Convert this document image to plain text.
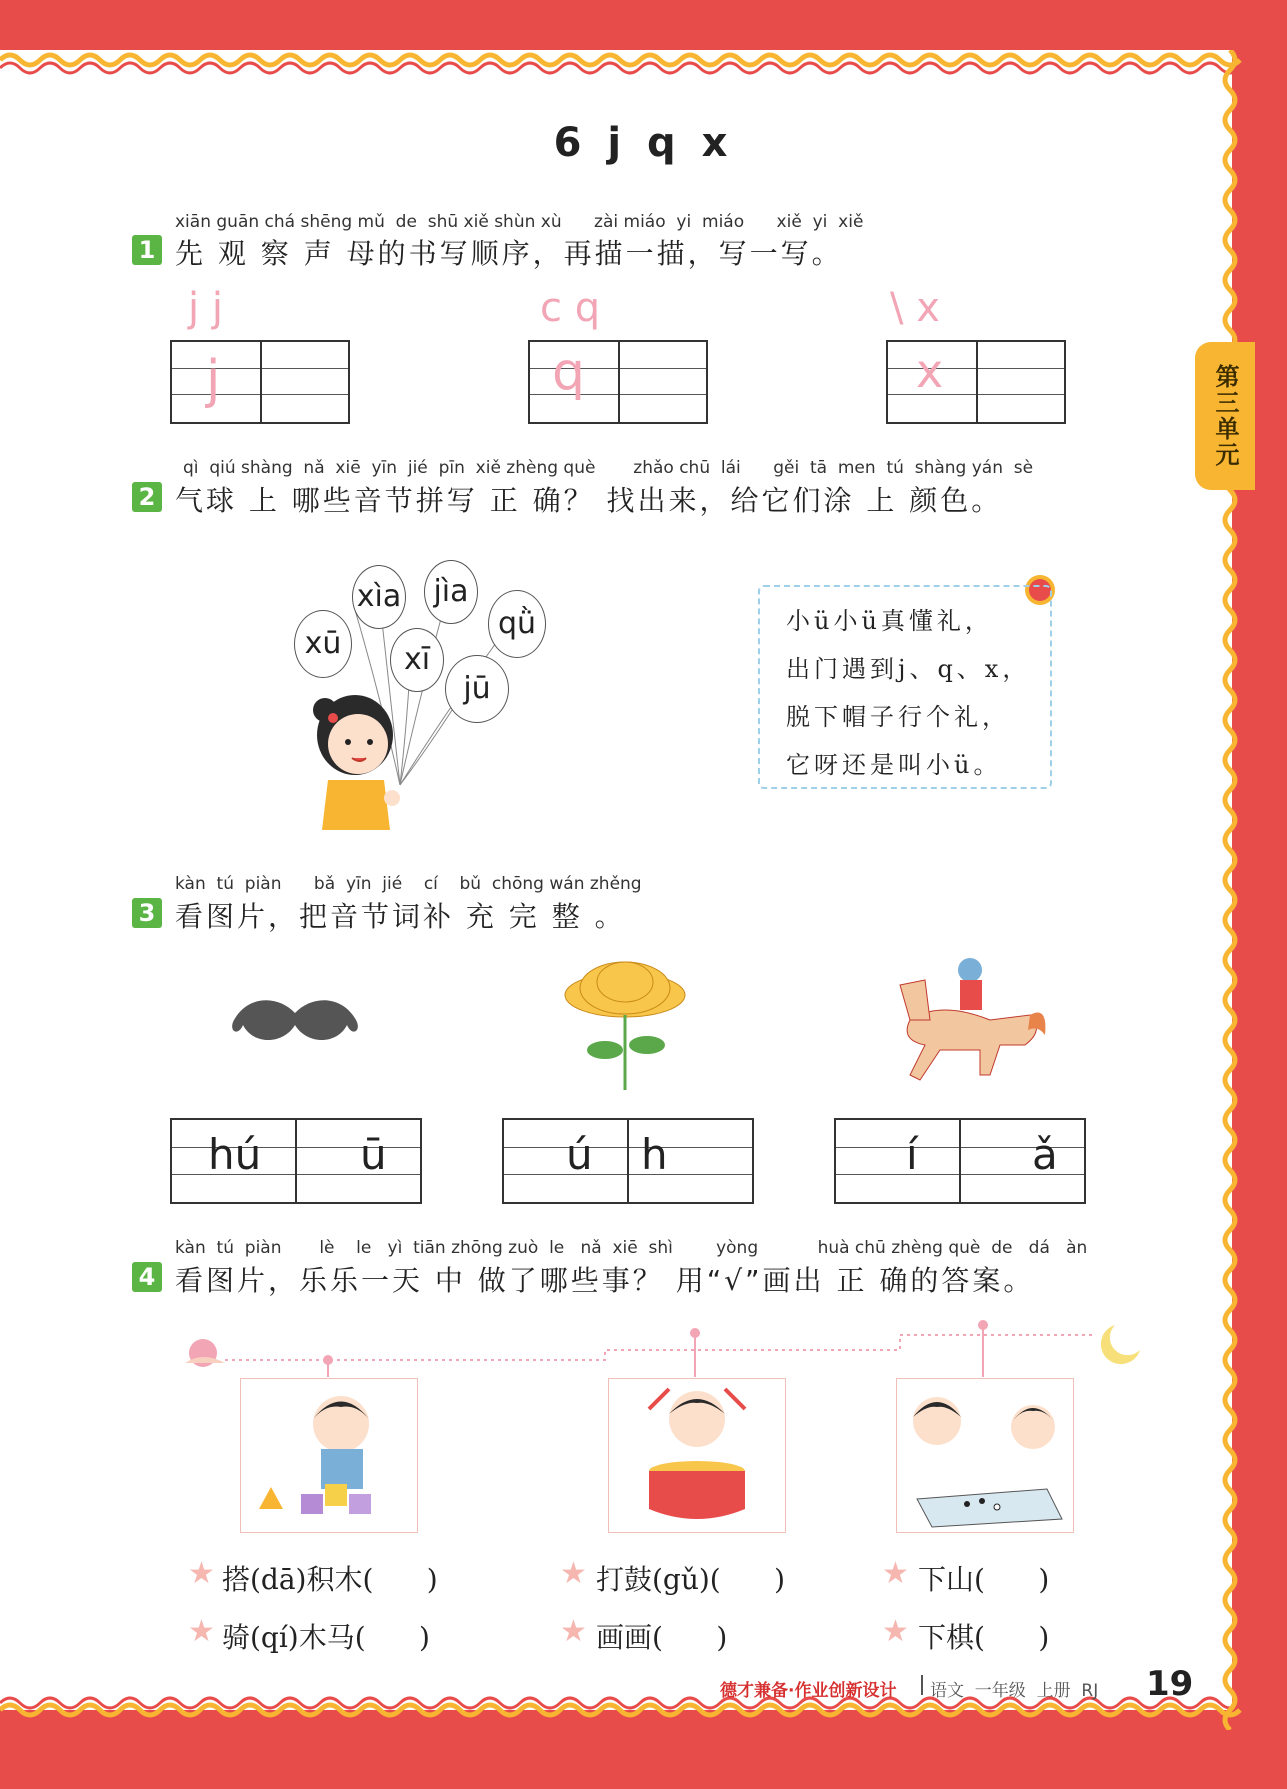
第三单元
6 j q x
xiān guān chá shēng mǔ  de  shū xiě shùn xù      zài miáo  yi  miáo      xiě  yi  xiě
1 先 观 察 声 母的书写顺序，再描一描，写一写。
j j
j
c q
q
\ x
x
qì  qiú shàng  nǎ  xiē  yīn  jié  pīn  xiě zhèng què       zhǎo chū  lái      gěi  tā  men  tú  shàng yán  sè
2 气球 上 哪些音节拼写 正 确？ 找出来，给它们涂 上 颜色。
xìa	jìa
qǜ
xū	xī
jū
小ü小ü真懂礼，
出门遇到j、q、x，
脱下帽子行个礼，
它呀还是叫小ü。
kàn  tú  piàn      bǎ  yīn  jié    cí    bǔ  chōng wán zhěng
3 看图片，把音节词补 充 完 整 。
hú ū	ú h	í	ǎ
kàn  tú  piàn       lè    le   yì  tiān zhōng zuò  le   nǎ  xiē  shì        yòng           huà chū zhèng què  de   dá   àn
4 看图片，乐乐一天 中 做了哪些事？ 用“√”画出 正 确的答案。
★ 搭(dā)积木(      )
★ 骑(qí)木马(      )
★ 打鼓(gǔ)(      )
★ 画画(      )
★ 下山(      )
★ 下棋(      )
德才兼备·作业创新设计 语文  一年级  上册  RJ 19
